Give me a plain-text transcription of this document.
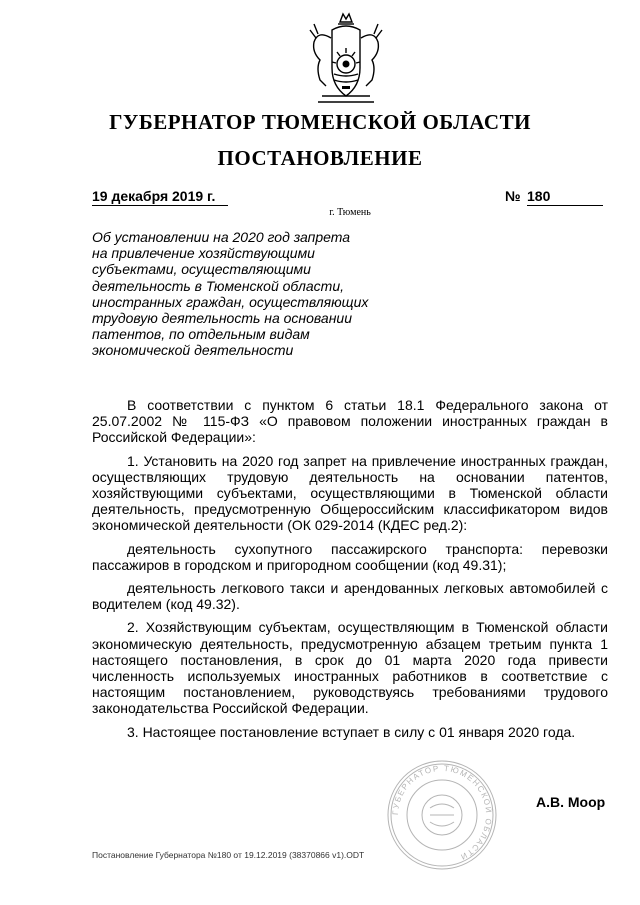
ГУБЕРНАТОР ТЮМЕНСКОЙ ОБЛАСТИ
ПОСТАНОВЛЕНИЕ
19 декабря 2019 г.	№ 180
г. Тюмень
Об установлении на 2020 год запрета
на привлечение хозяйствующими
субъектами, осуществляющими
деятельность в Тюменской области,
иностранных граждан, осуществляющих
трудовую деятельность на основании
патентов, по отдельным видам
экономической деятельности

В соответствии с пунктом 6 статьи 18.1 Федерального закона от 25.07.2002 № 115-ФЗ «О правовом положении иностранных граждан в Российской Федерации»:

1. Установить на 2020 год запрет на привлечение иностранных граждан, осуществляющих трудовую деятельность на основании патентов, хозяйствующими субъектами, осуществляющими в Тюменской области деятельность, предусмотренную Общероссийским классификатором видов экономической деятельности (ОК 029-2014 (КДЕС ред.2):

деятельность сухопутного пассажирского транспорта: перевозки пассажиров в городском и пригородном сообщении (код 49.31);

деятельность легкового такси и арендованных легковых автомобилей с водителем (код 49.32).

2. Хозяйствующим субъектам, осуществляющим в Тюменской области экономическую деятельность, предусмотренную абзацем третьим пункта 1 настоящего постановления, в срок до 01 марта 2020 года привести численность используемых иностранных работников в соответствие с настоящим постановлением, руководствуясь требованиями трудового законодательства Российской Федерации.

3. Настоящее постановление вступает в силу с 01 января 2020 года.

ГУБЕРНАТОР ТЮМЕНСКОЙ ОБЛАСТИ
А.В. Моор
Постановление Губернатора №180 от 19.12.2019 (38370866 v1).ODT
